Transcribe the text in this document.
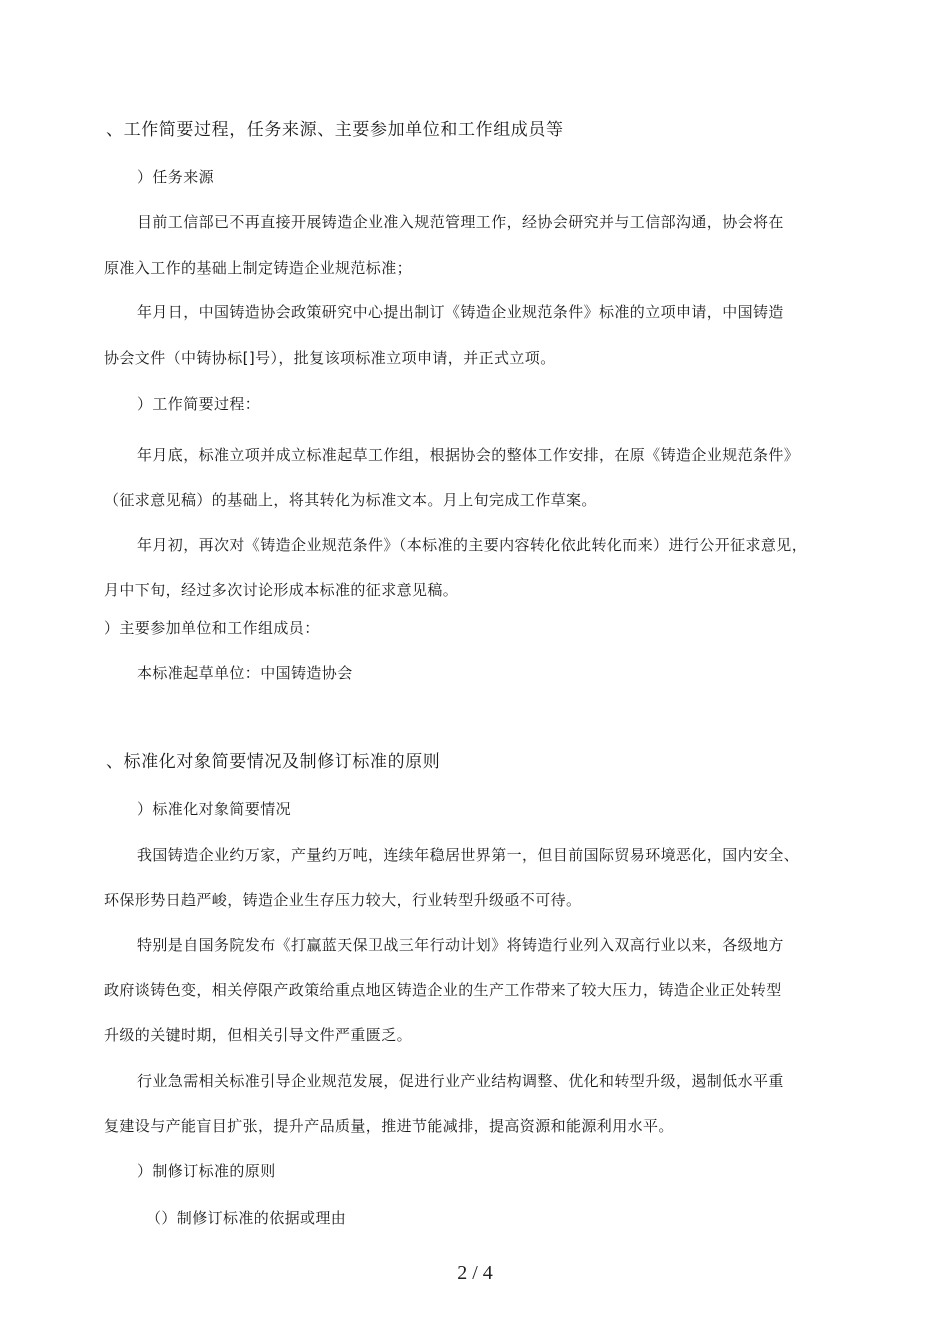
、工作简要过程，任务来源、主要参加单位和工作组成员等
）任务来源
目前工信部已不再直接开展铸造企业准入规范管理工作，经协会研究并与工信部沟通，协会将在
原准入工作的基础上制定铸造企业规范标准；
年月日，中国铸造协会政策研究中心提出制订《铸造企业规范条件》标准的立项申请，中国铸造
协会文件（中铸协标[]号），批复该项标准立项申请，并正式立项。
）工作简要过程：
年月底，标准立项并成立标准起草工作组，根据协会的整体工作安排，在原《铸造企业规范条件》
（征求意见稿）的基础上，将其转化为标准文本。月上旬完成工作草案。
年月初，再次对《铸造企业规范条件》（本标准的主要内容转化依此转化而来）进行公开征求意见，
月中下旬，经过多次讨论形成本标准的征求意见稿。
）主要参加单位和工作组成员：
本标准起草单位：中国铸造协会
、标准化对象简要情况及制修订标准的原则
）标准化对象简要情况
我国铸造企业约万家，产量约万吨，连续年稳居世界第一，但目前国际贸易环境恶化，国内安全、
环保形势日趋严峻，铸造企业生存压力较大，行业转型升级亟不可待。
特别是自国务院发布《打赢蓝天保卫战三年行动计划》将铸造行业列入双高行业以来，各级地方
政府谈铸色变，相关停限产政策给重点地区铸造企业的生产工作带来了较大压力，铸造企业正处转型
升级的关键时期，但相关引导文件严重匮乏。
行业急需相关标准引导企业规范发展，促进行业产业结构调整、优化和转型升级，遏制低水平重
复建设与产能盲目扩张，提升产品质量，推进节能减排，提高资源和能源利用水平。
）制修订标准的原则
（）制修订标准的依据或理由
2 / 4
